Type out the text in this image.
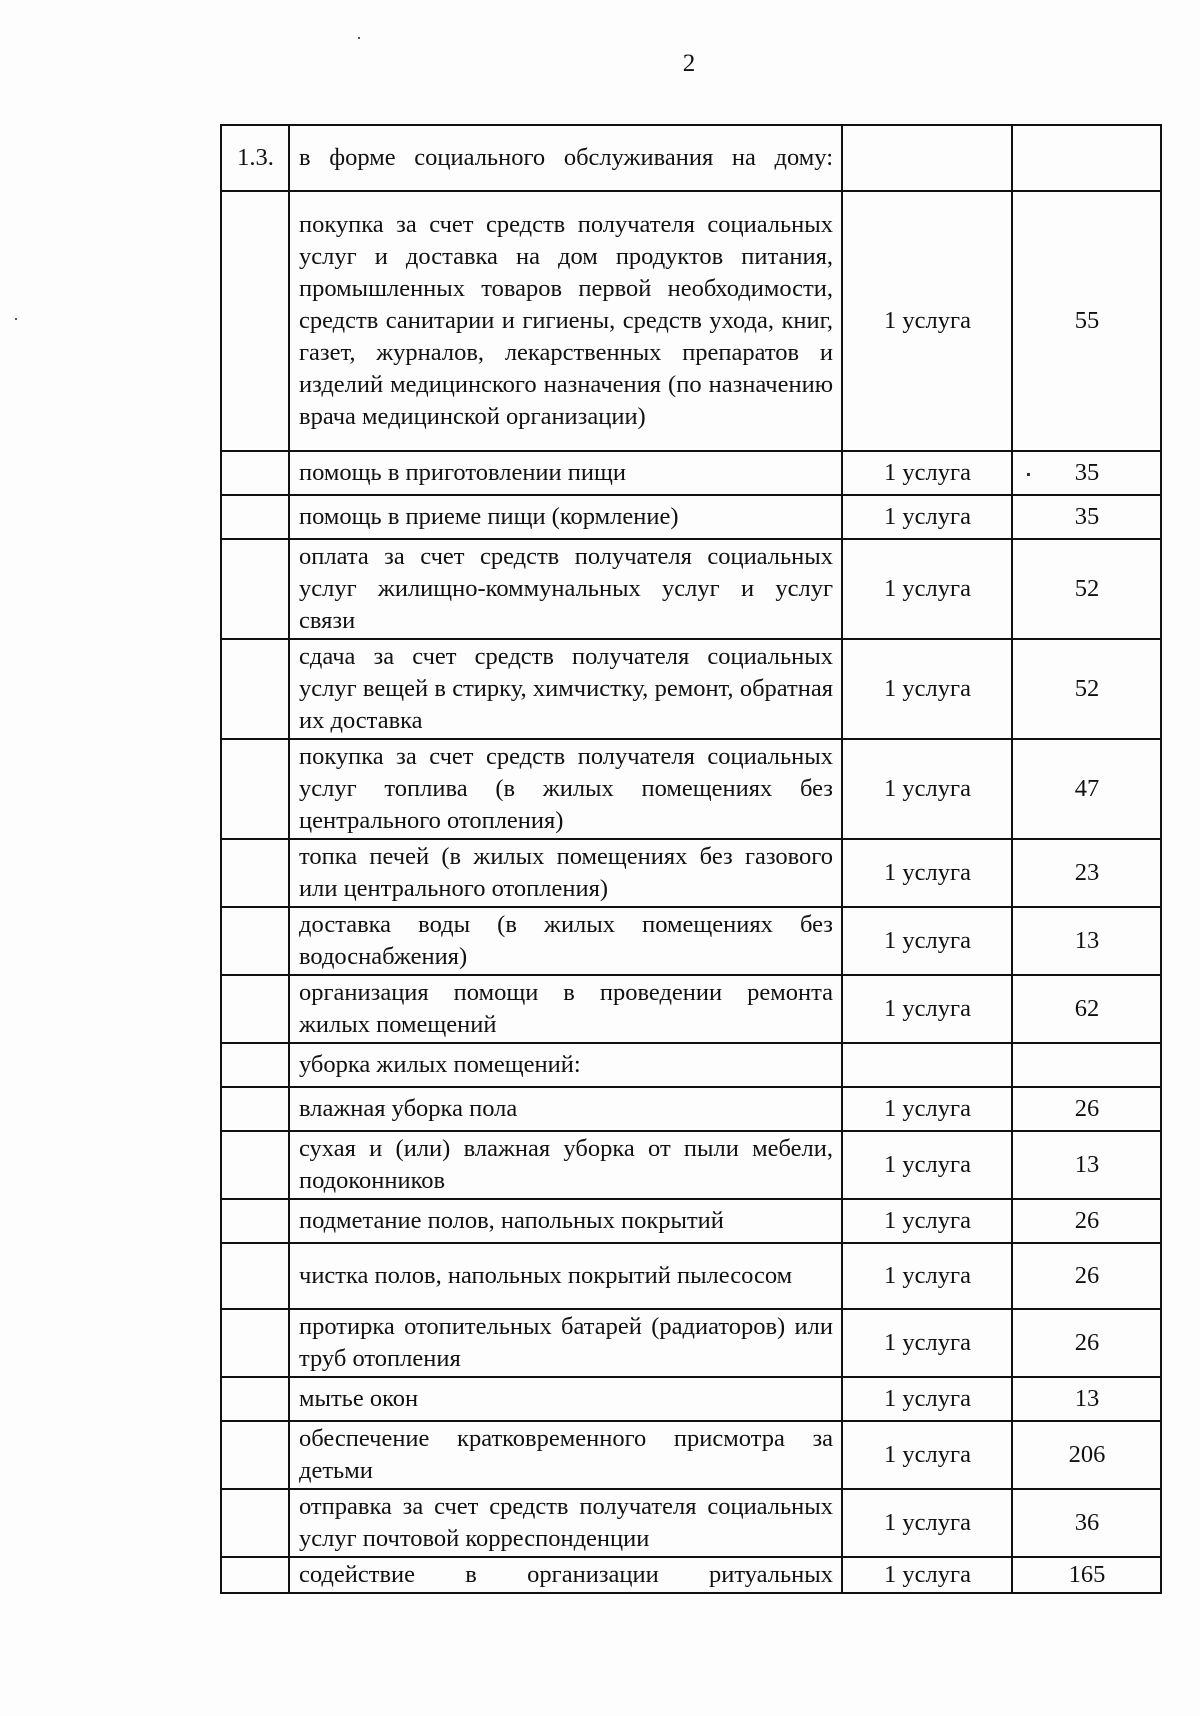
2
1.3.	в форме социального обслуживания на дому:		
	покупка за счет средств получателя социальных услуг и доставка на дом продуктов питания, промышленных товаров первой необходимости, средств санитарии и гигиены, средств ухода, книг, газет, журналов, лекарственных препаратов и изделий медицинского назначения (по назначению врача медицинской организации)	1 услуга	55
	помощь в приготовлении пищи	1 услуга	35
	помощь в приеме пищи (кормление)	1 услуга	35
	оплата за счет средств получателя социальных услуг жилищно-коммунальных услуг и услуг связи	1 услуга	52
	сдача за счет средств получателя социальных услуг вещей в стирку, химчистку, ремонт, обратная их доставка	1 услуга	52
	покупка за счет средств получателя социальных услуг топлива (в жилых помещениях без центрального отопления)	1 услуга	47
	топка печей (в жилых помещениях без газового или центрального отопления)	1 услуга	23
	доставка воды (в жилых помещениях без водоснабжения)	1 услуга	13
	организация помощи в проведении ремонта жилых помещений	1 услуга	62
	уборка жилых помещений:		
	влажная уборка пола	1 услуга	26
	сухая и (или) влажная уборка от пыли мебели, подоконников	1 услуга	13
	подметание полов, напольных покрытий	1 услуга	26
	чистка полов, напольных покрытий пылесосом	1 услуга	26
	протирка отопительных батарей (радиаторов) или труб отопления	1 услуга	26
	мытье окон	1 услуга	13
	обеспечение кратковременного присмотра за детьми	1 услуга	206
	отправка за счет средств получателя социальных услуг почтовой корреспонденции	1 услуга	36
	содействие в организации ритуальных	1 услуга	165
